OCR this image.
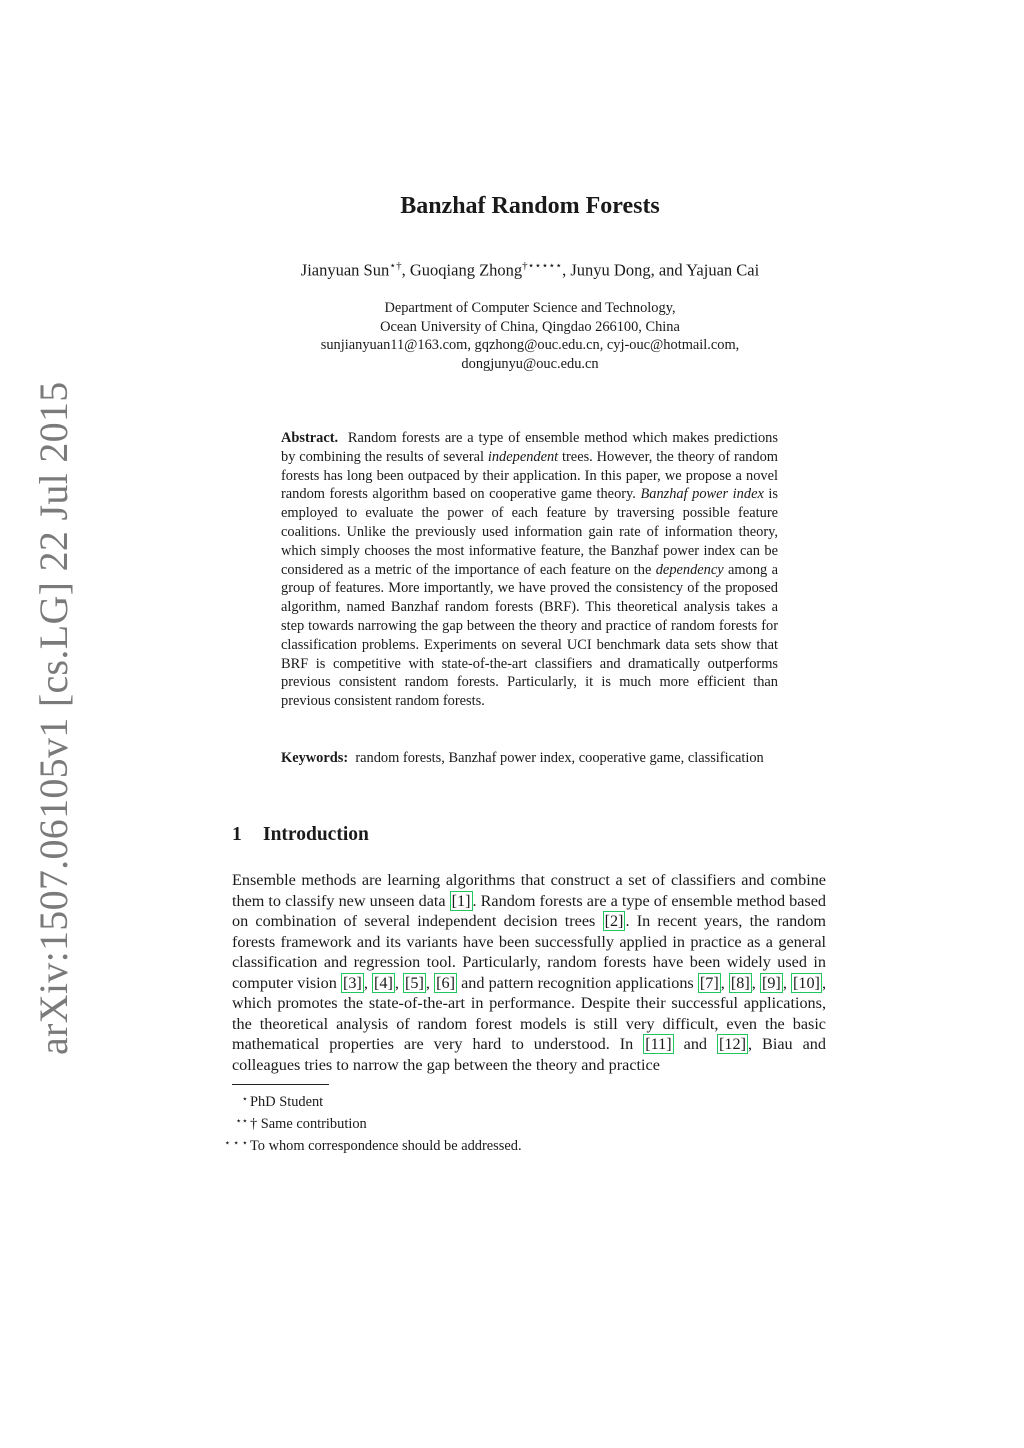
arXiv:1507.06105v1 [cs.LG] 22 Jul 2015
Banzhaf Random Forests
Jianyuan Sun⋆†, Guoqiang Zhong†⋆⋆⋆⋆⋆, Junyu Dong, and Yajuan Cai
Department of Computer Science and Technology,
Ocean University of China, Qingdao 266100, China
sunjianyuan11@163.com, gqzhong@ouc.edu.cn, cyj-ouc@hotmail.com,
dongjunyu@ouc.edu.cn
Abstract. Random forests are a type of ensemble method which makes predictions by combining the results of several independent trees. However, the theory of random forests has long been outpaced by their application. In this paper, we propose a novel random forests algorithm based on cooperative game theory. Banzhaf power index is employed to evaluate the power of each feature by traversing possible feature coalitions. Unlike the previously used information gain rate of information theory, which simply chooses the most informative feature, the Banzhaf power index can be considered as a metric of the importance of each feature on the dependency among a group of features. More importantly, we have proved the consistency of the proposed algorithm, named Banzhaf random forests (BRF). This theoretical analysis takes a step towards narrowing the gap between the theory and practice of random forests for classification problems. Experiments on several UCI benchmark data sets show that BRF is competitive with state-of-the-art classifiers and dramatically outperforms previous consistent random forests. Particularly, it is much more efficient than previous consistent random forests.
Keywords: random forests, Banzhaf power index, cooperative game, classification
1 Introduction

Ensemble methods are learning algorithms that construct a set of classifiers and combine them to classify new unseen data [1] . Random forests are a type of ensemble method based on combination of several independent decision trees [2] . In recent years, the random forests framework and its variants have been successfully applied in practice as a general classification and regression tool. Particularly, random forests have been widely used in computer vision [3] , [4] , [5] , [6] and pattern recognition applications [7] , [8] , [9] , [10] , which promotes the state-of-the-art in performance. Despite their successful applications, the theoretical analysis of random forest models is still very difficult, even the basic mathematical properties are very hard to understood. In [11] and [12] , Biau and colleagues tries to narrow the gap between the theory and practice

⋆ PhD Student
⋆⋆ † Same contribution
⋆ ⋆ ⋆ To whom correspondence should be addressed.
